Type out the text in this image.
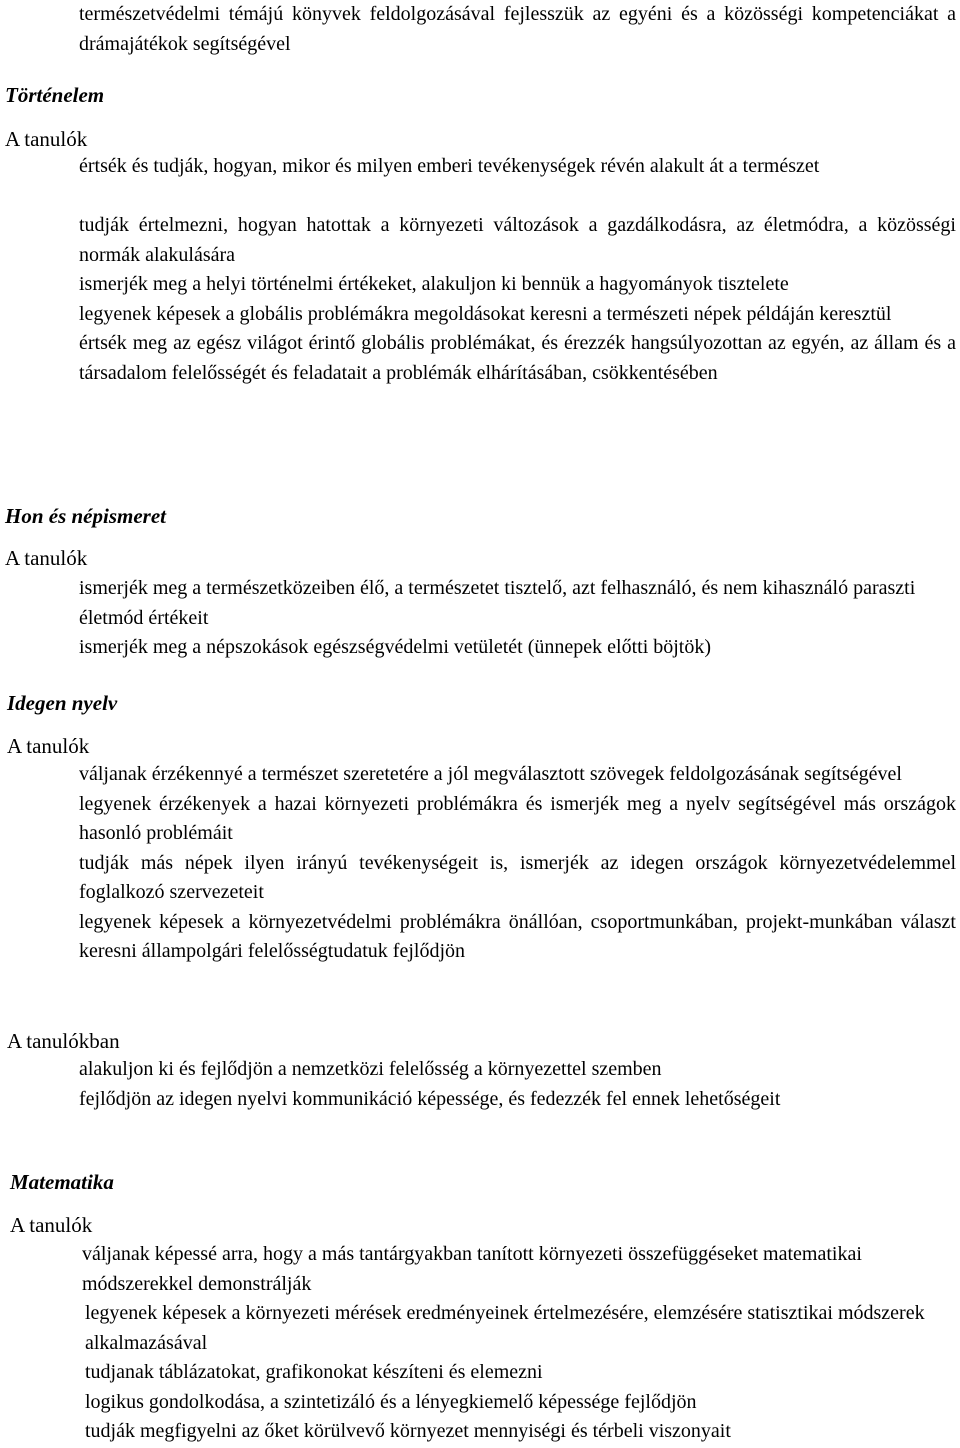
természetvédelmi témájú könyvek feldolgozásával fejlesszük az egyéni és a közösségi kompetenciákat a drámajátékok segítségével

Történelem
A tanulók

értsék és tudják, hogyan, mikor és milyen emberi tevékenységek révén alakult át a természet

tudják értelmezni, hogyan hatottak a környezeti változások a gazdálkodásra, az életmódra, a közösségi normák alakulására

ismerjék meg a helyi történelmi értékeket, alakuljon ki bennük a hagyományok tisztelete

legyenek képesek a globális problémákra megoldásokat keresni a természeti népek példáján keresztül

értsék meg az egész világot érintő globális problémákat, és érezzék hangsúlyozottan az egyén, az állam és a társadalom felelősségét és feladatait a problémák elhárításában, csökkentésében

Hon és népismeret
A tanulók

ismerjék meg a természetközeiben élő, a természetet tisztelő, azt felhasználó, és nem kihasználó paraszti életmód értékeit

ismerjék meg a népszokások egészségvédelmi vetületét (ünnepek előtti böjtök)

Idegen nyelv
A tanulók

váljanak érzékennyé a természet szeretetére a jól megválasztott szövegek feldolgozásának segítségével

legyenek érzékenyek a hazai környezeti problémákra és ismerjék meg a nyelv segítségével más országok hasonló problémáit

tudják más népek ilyen irányú tevékenységeit is, ismerjék az idegen országok környezetvédelemmel foglalkozó szervezeteit

legyenek képesek a környezetvédelmi problémákra önállóan, csoportmunkában, projekt-munkában választ keresni állampolgári felelősségtudatuk fejlődjön

A tanulókban

alakuljon ki és fejlődjön a nemzetközi felelősség a környezettel szemben

fejlődjön az idegen nyelvi kommunikáció képessége, és fedezzék fel ennek lehetőségeit

Matematika
A tanulók

váljanak képessé arra, hogy a más tantárgyakban tanított környezeti összefüggéseket matematikai módszerekkel demonstrálják

legyenek képesek a környezeti mérések eredményeinek értelmezésére, elemzésére statisztikai módszerek alkalmazásával

tudjanak táblázatokat, grafikonokat készíteni és elemezni

logikus gondolkodása, a szintetizáló és a lényegkiemelő képessége fejlődjön

tudják megfigyelni az őket körülvevő környezet mennyiségi és térbeli viszonyait
